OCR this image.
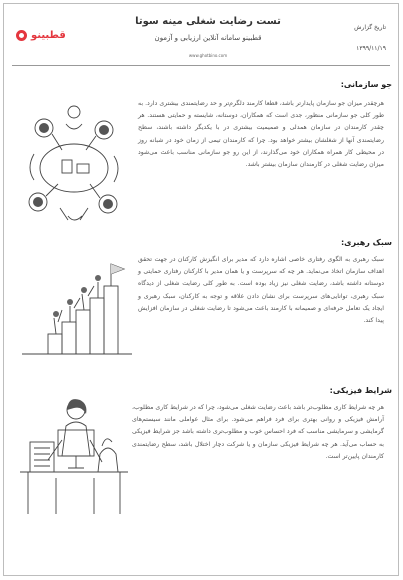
قطبینو
تست رضایت شغلی مینه سوتا
قطبینو سامانه آنلاین ارزیابی و آزمون
www.ghotbino.com
تاریخ گزارش
۱۳۹۹/۱۱/۱۹
جو سازمانی:
هرچقدر میزان جو سازمان پایدارتر باشد، قطعا کارمند دلگرم‌تر و حد رضایتمندی بیشتری دارد. به طور کلی جو سازمانی منظور، جدی است که همکاران، دوستانه، شایسته و حمایتی هستند. هر چقدر کارمندان در سازمان همدلی و صمیمیت بیشتری در با یکدیگر داشته باشند، سطح رضایتمندی آنها از شغلشان بیشتر خواهد بود. چرا که کارمندان تیمی از زمان خود در شبانه روز در محیطی کار همراه همکاران خود می‌گذارند، از این رو جو سازمانی مناسب باعث می‌شود میزان رضایت شغلی در کارمندان سازمان بیشتر باشد.
سبک رهبری:
سبک رهبری به الگوی رفتاری خاصی اشاره دارد که مدیر برای انگیزش کارکنان در جهت تحقق اهداف سازمان اتخاذ می‌نماید. هر چه که سرپرست و یا همان مدیر با کارکنان رفتاری حمایتی و دوستانه داشته باشد، رضایت شغلی نیز زیاد بوده است. به طور کلی رضایت شغلی از دیدگاه سبک رهبری، توانایی‌های سرپرست برای نشان دادن علاقه و توجه به کارکنان، سبک رهبری و ایجاد یک تعامل حرفه‌ای و صمیمانه با کارمند باعث می‌شود تا رضایت شغلی در سازمان افزایش پیدا کند.
شرایط فیزیکی:
هر چه شرایط کاری مطلوب‌تر باشد باعث رضایت شغلی می‌شود، چرا که در شرایط کاری مطلوب، آرامش فیزیکی و روانی بهتری برای فرد فراهم می‌شود. برای مثال عواملی مانند سیستم‌های گرمایشی و سرمایشی مناسب که فرد احساس خوب و مطلوب‌تری داشته باشد جز شرایط فیزیکی به حساب می‌آید. هر چه شرایط فیزیکی سازمان و یا شرکت دچار اختلال باشد، سطح رضایتمندی کارمندان پایین‌تر است.
